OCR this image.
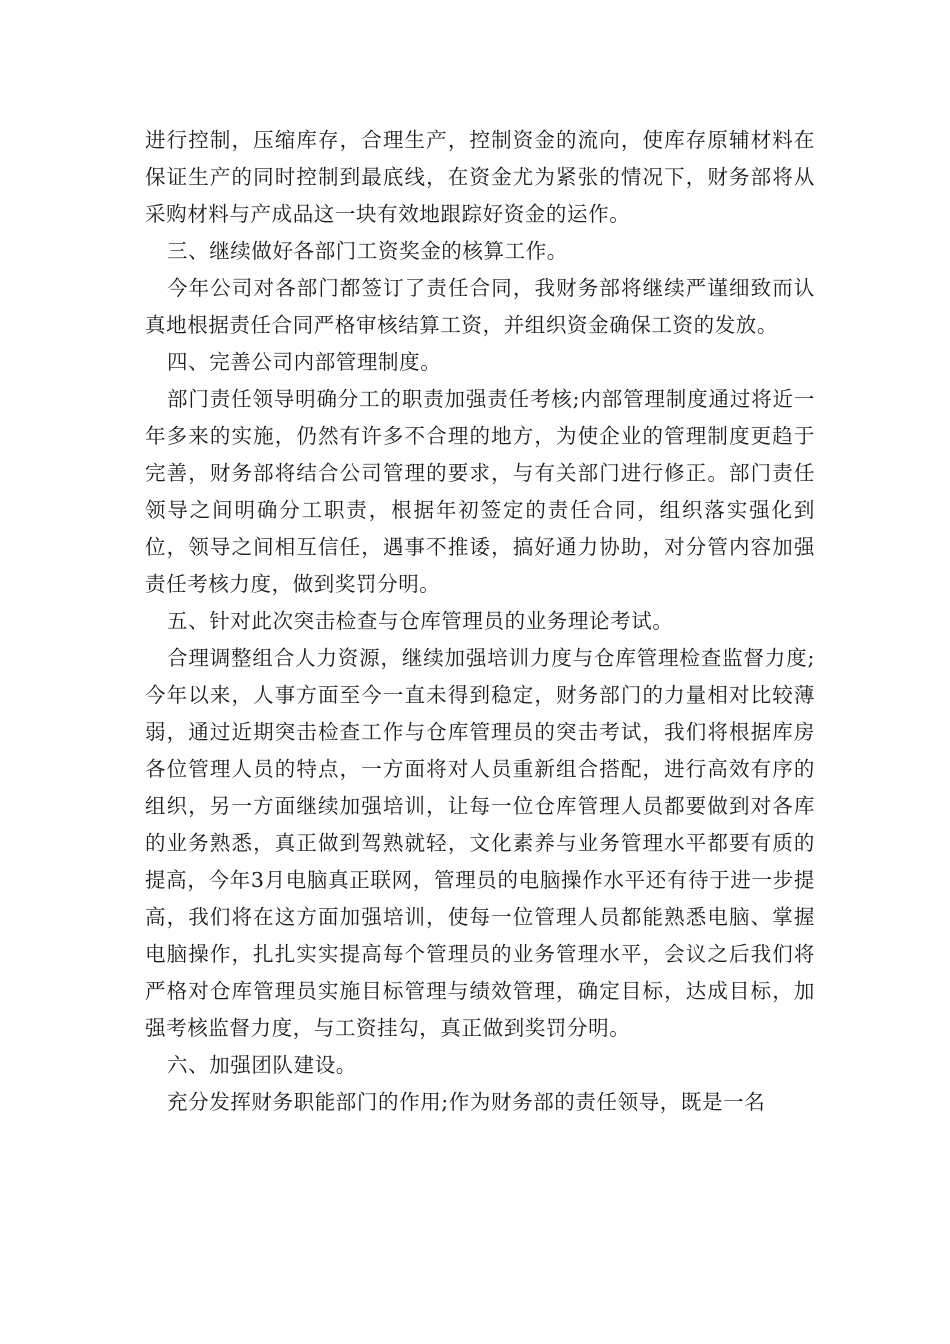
进行控制，压缩库存，合理生产，控制资金的流向，使库存原辅材料在保证生产的同时控制到最底线，在资金尤为紧张的情况下，财务部将从采购材料与产成品这一块有效地跟踪好资金的运作。

三、继续做好各部门工资奖金的核算工作。

今年公司对各部门都签订了责任合同，我财务部将继续严谨细致而认真地根据责任合同严格审核结算工资，并组织资金确保工资的发放。

四、完善公司内部管理制度。

部门责任领导明确分工的职责加强责任考核;内部管理制度通过将近一年多来的实施，仍然有许多不合理的地方，为使企业的管理制度更趋于完善，财务部将结合公司管理的要求，与有关部门进行修正。部门责任领导之间明确分工职责，根据年初签定的责任合同，组织落实强化到位，领导之间相互信任，遇事不推诿，搞好通力协助，对分管内容加强责任考核力度，做到奖罚分明。

五、针对此次突击检查与仓库管理员的业务理论考试。

合理调整组合人力资源，继续加强培训力度与仓库管理检查监督力度;今年以来，人事方面至今一直未得到稳定，财务部门的力量相对比较薄弱，通过近期突击检查工作与仓库管理员的突击考试，我们将根据库房各位管理人员的特点，一方面将对人员重新组合搭配，进行高效有序的组织，另一方面继续加强培训，让每一位仓库管理人员都要做到对各库的业务熟悉，真正做到驾熟就轻，文化素养与业务管理水平都要有质的提高，今年3月电脑真正联网，管理员的电脑操作水平还有待于进一步提高，我们将在这方面加强培训，使每一位管理人员都能熟悉电脑、掌握电脑操作，扎扎实实提高每个管理员的业务管理水平，会议之后我们将严格对仓库管理员实施目标管理与绩效管理，确定目标，达成目标，加强考核监督力度，与工资挂勾，真正做到奖罚分明。

六、加强团队建设。

充分发挥财务职能部门的作用;作为财务部的责任领导，既是一名
